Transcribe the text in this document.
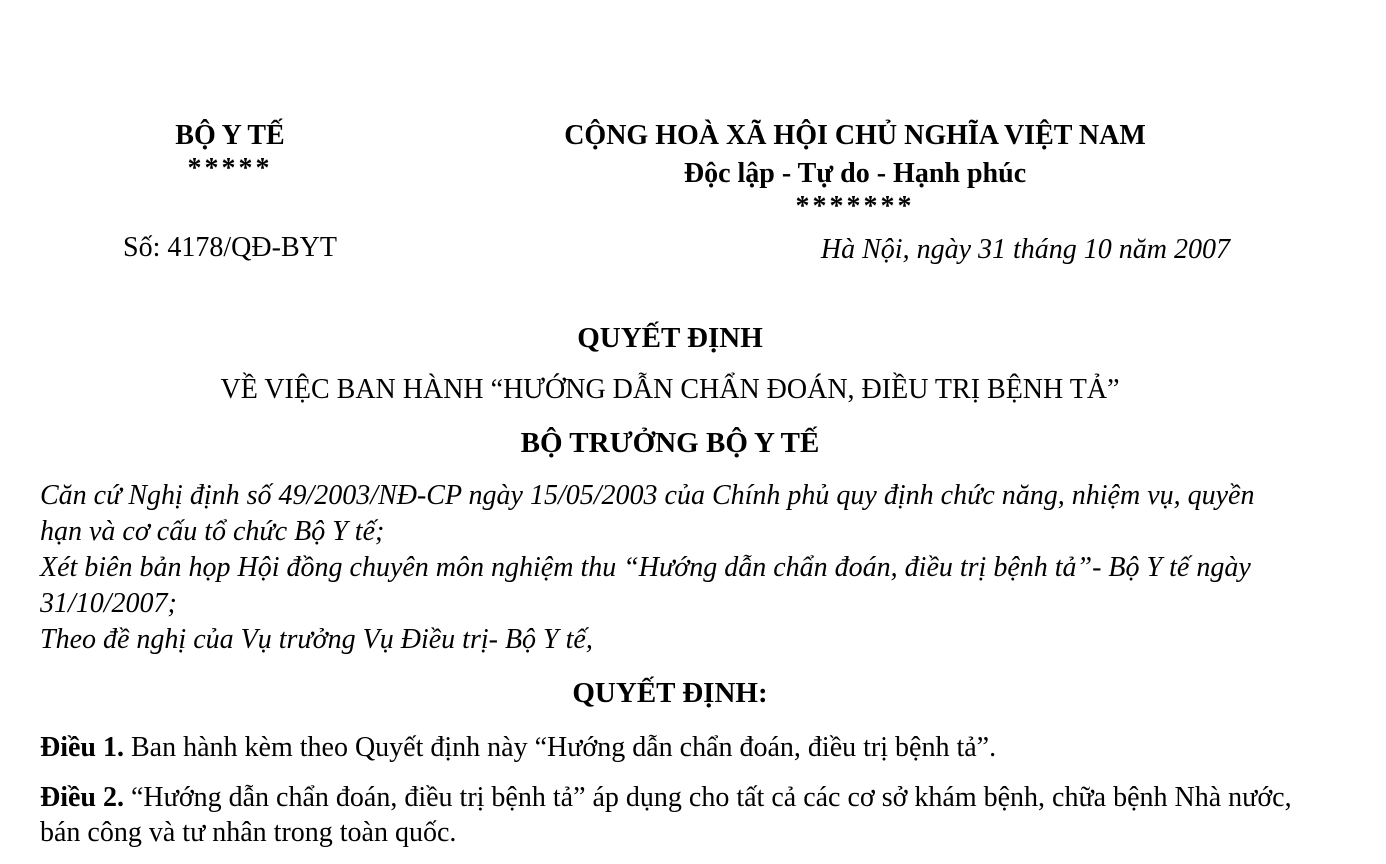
BỘ Y TẾ
*****
Số: 4178/QĐ-BYT
CỘNG HOÀ XÃ HỘI CHỦ NGHĨA VIỆT NAM
Độc lập - Tự do - Hạnh phúc
*******
Hà Nội, ngày 31 tháng 10 năm 2007
QUYẾT ĐỊNH
VỀ VIỆC BAN HÀNH “HƯỚNG DẪN CHẨN ĐOÁN, ĐIỀU TRỊ BỆNH TẢ”
BỘ TRƯỞNG BỘ Y TẾ

Căn cứ Nghị định số 49/2003/NĐ-CP ngày 15/05/2003 của Chính phủ quy định chức năng, nhiệm vụ, quyền hạn và cơ cấu tổ chức Bộ Y tế;

Xét biên bản họp Hội đồng chuyên môn nghiệm thu “Hướng dẫn chẩn đoán, điều trị bệnh tả”- Bộ Y tế ngày 31/10/2007;

Theo đề nghị của Vụ trưởng Vụ Điều trị- Bộ Y tế,

QUYẾT ĐỊNH:

Điều 1. Ban hành kèm theo Quyết định này “Hướng dẫn chẩn đoán, điều trị bệnh tả”.

Điều 2. “Hướng dẫn chẩn đoán, điều trị bệnh tả” áp dụng cho tất cả các cơ sở khám bệnh, chữa bệnh Nhà nước, bán công và tư nhân trong toàn quốc.
